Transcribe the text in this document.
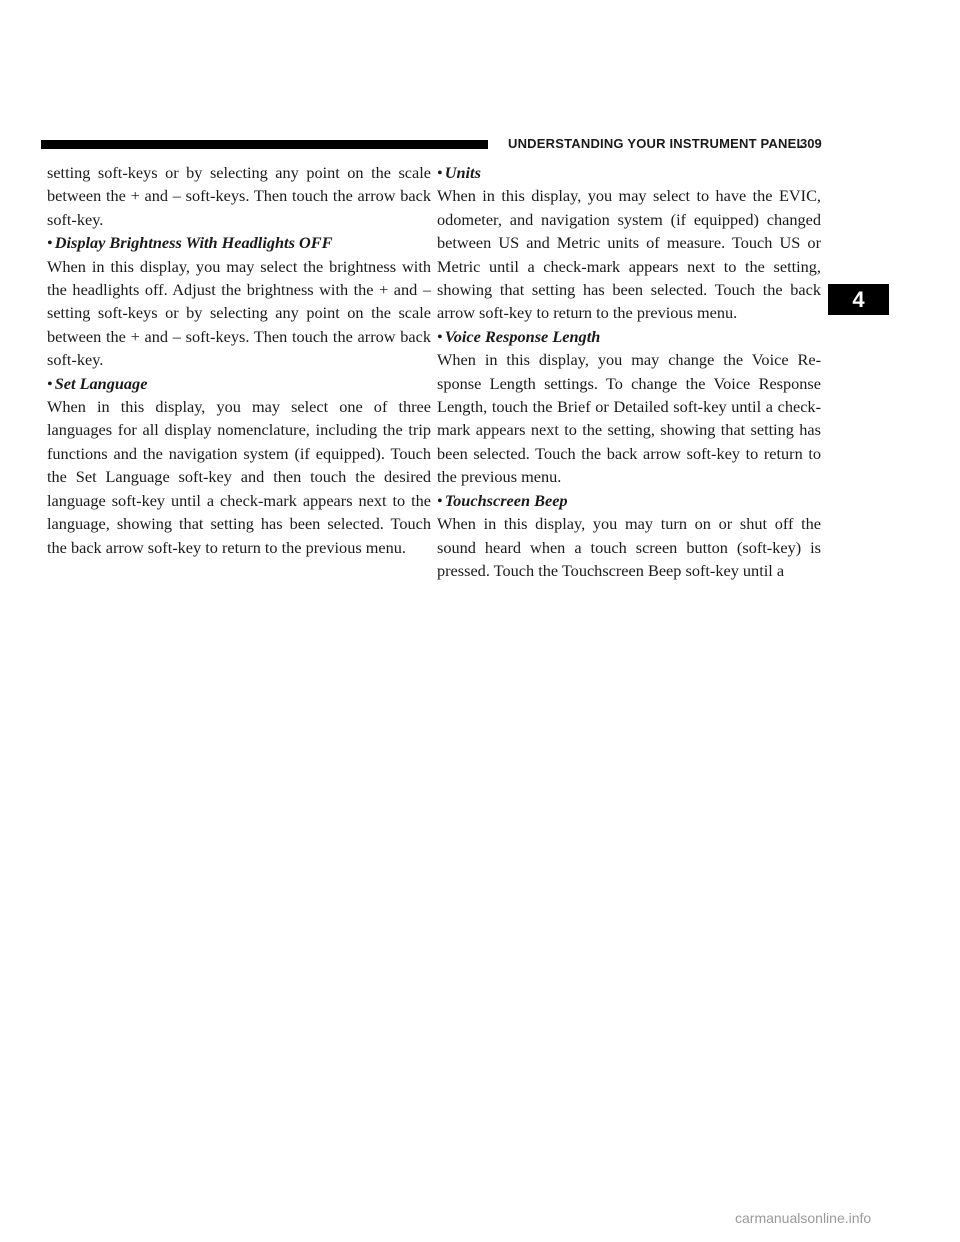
UNDERSTANDING YOUR INSTRUMENT PANEL
309

setting soft-keys or by selecting any point on the scale between the + and – soft-keys. Then touch the arrow back soft-key.

• Display Brightness With Headlights OFF

When in this display, you may select the brightness with the headlights off. Adjust the brightness with the + and – setting soft-keys or by selecting any point on the scale between the + and – soft-keys. Then touch the arrow back soft-key.

• Set Language

When in this display, you may select one of three languages for all display nomenclature, including the trip functions and the navigation system (if equipped). Touch the Set Language soft-key and then touch the desired language soft-key until a check-mark appears next to the language, showing that setting has been selected. Touch the back arrow soft-key to return to the previous menu.

• Units

When in this display, you may select to have the EVIC, odometer, and navigation system (if equipped) changed between US and Metric units of measure. Touch US or Metric until a check-mark appears next to the setting, showing that setting has been selected. Touch the back arrow soft-key to return to the previous menu.

• Voice Response Length

When in this display, you may change the Voice Re-sponse Length settings. To change the Voice Response Length, touch the Brief or Detailed soft-key until a check-mark appears next to the setting, showing that setting has been selected. Touch the back arrow soft-key to return to the previous menu.

• Touchscreen Beep

When in this display, you may turn on or shut off the sound heard when a touch screen button (soft-key) is pressed. Touch the Touchscreen Beep soft-key until a

4
carmanualsonline.info
